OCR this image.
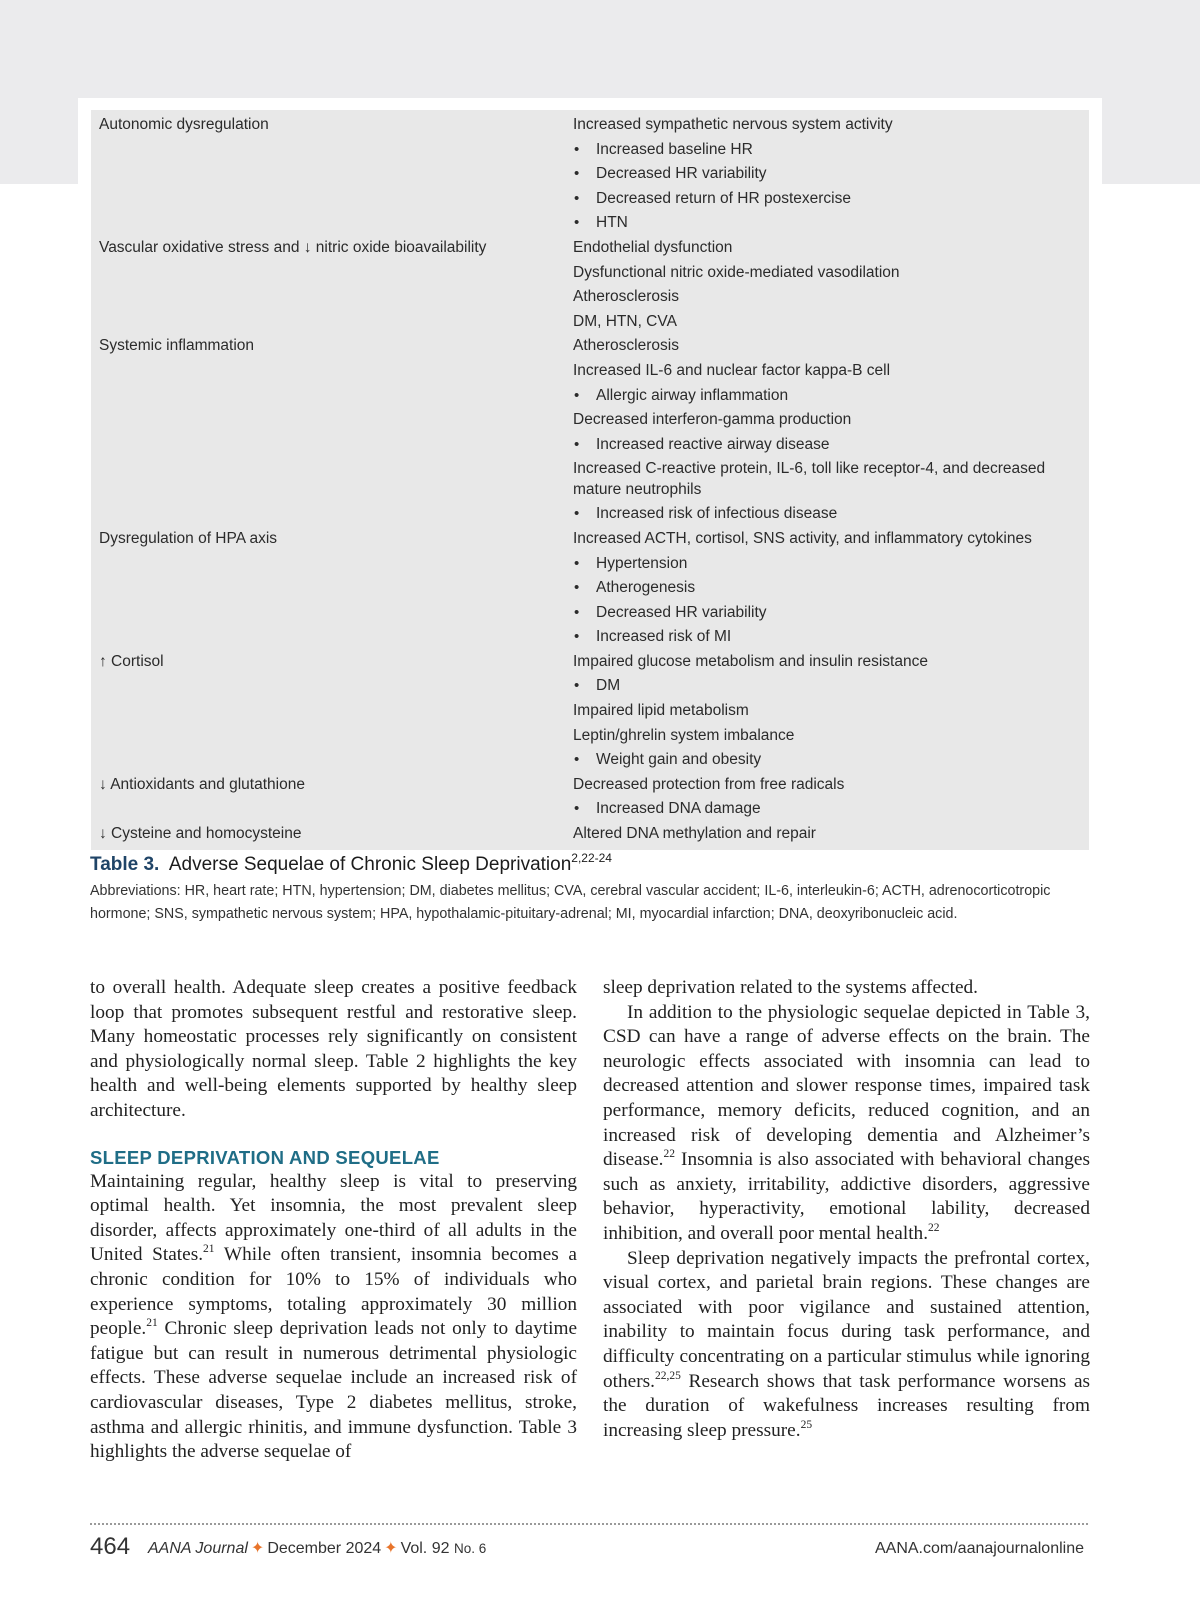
Autonomic dysregulation	Increased sympathetic nervous system activity
• Increased baseline HR
• Decreased HR variability
• Decreased return of HR postexercise
• HTN
Vascular oxidative stress and ↓ nitric oxide bioavailability	Endothelial dysfunction
Dysfunctional nitric oxide-mediated vasodilation
Atherosclerosis
DM, HTN, CVA
Systemic inflammation	Atherosclerosis
Increased IL-6 and nuclear factor kappa-B cell
• Allergic airway inflammation
Decreased interferon-gamma production
• Increased reactive airway disease
Increased C-reactive protein, IL-6, toll like receptor-4, and decreased mature neutrophils
• Increased risk of infectious disease
Dysregulation of HPA axis	Increased ACTH, cortisol, SNS activity, and inflammatory cytokines
• Hypertension
• Atherogenesis
• Decreased HR variability
• Increased risk of MI
↑ Cortisol	Impaired glucose metabolism and insulin resistance
• DM
Impaired lipid metabolism
Leptin/ghrelin system imbalance
• Weight gain and obesity
↓ Antioxidants and glutathione	Decreased protection from free radicals
• Increased DNA damage
↓ Cysteine and homocysteine	Altered DNA methylation and repair
Table 3. Adverse Sequelae of Chronic Sleep Deprivation$^{2,22-24}$
Abbreviations: HR, heart rate; HTN, hypertension; DM, diabetes mellitus; CVA, cerebral vascular accident; IL-6, interleukin-6; ACTH, adrenocorticotropic hormone; SNS, sympathetic nervous system; HPA, hypothalamic-pituitary-adrenal; MI, myocardial infarction; DNA, deoxyribonucleic acid.

to overall health. Adequate sleep creates a positive feedback loop that promotes subsequent restful and restorative sleep. Many homeostatic processes rely significantly on consistent and physiologically normal sleep. Table 2 highlights the key health and well-being elements supported by healthy sleep architecture.

SLEEP DEPRIVATION AND SEQUELAE

Maintaining regular, healthy sleep is vital to preserving optimal health. Yet insomnia, the most prevalent sleep disorder, affects approximately one-third of all adults in the United States.$^{21}$ While often transient, insomnia becomes a chronic condition for 10% to 15% of individuals who experience symptoms, totaling approximately 30 million people.$^{21}$ Chronic sleep deprivation leads not only to daytime fatigue but can result in numerous detrimental physiologic effects. These adverse sequelae include an increased risk of cardiovascular diseases, Type 2 diabetes mellitus, stroke, asthma and allergic rhinitis, and immune dysfunction. Table 3 highlights the adverse sequelae of

sleep deprivation related to the systems affected.

In addition to the physiologic sequelae depicted in Table 3, CSD can have a range of adverse effects on the brain. The neurologic effects associated with insomnia can lead to decreased attention and slower response times, impaired task performance, memory deficits, reduced cognition, and an increased risk of developing dementia and Alzheimer’s disease.$^{22}$ Insomnia is also associated with behavioral changes such as anxiety, irritability, addictive disorders, aggressive behavior, hyperactivity, emotional lability, decreased inhibition, and overall poor mental health.$^{22}$

Sleep deprivation negatively impacts the prefrontal cortex, visual cortex, and parietal brain regions. These changes are associated with poor vigilance and sustained attention, inability to maintain focus during task performance, and difficulty concentrating on a particular stimulus while ignoring others.$^{22,25}$ Research shows that task performance worsens as the duration of wakefulness increases resulting from increasing sleep pressure.$^{25}$

464 AANA Journal ✦ December 2024 ✦ Vol. 92 No. 6	AANA.com/aanajournalonline
